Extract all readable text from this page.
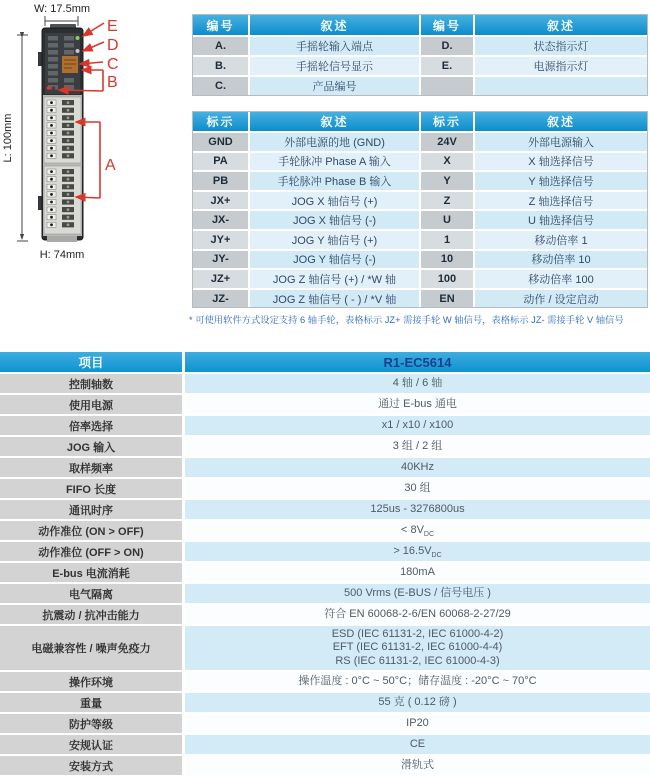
W: 17.5mm
L: 100mm
H: 74mm
E
D
C
B
A
编号	叙述	编号	叙述
A.	手摇轮输入端点	D.	状态指示灯
B.	手摇轮信号显示	E.	电源指示灯
C.	产品编号
标示	叙述	标示	叙述
GND	外部电源的地 (GND)	24V	外部电源输入
PA	手轮脉冲 Phase A 输入	X	X 轴选择信号
PB	手轮脉冲 Phase B 输入	Y	Y 轴选择信号
JX+	JOG X 轴信号 (+)	Z	Z 轴选择信号
JX-	JOG X 轴信号 (-)	U	U 轴选择信号
JY+	JOG Y 轴信号 (+)	1	移动倍率 1
JY-	JOG Y 轴信号 (-)	10	移动倍率 10
JZ+	JOG Z 轴信号 (+) / *W 轴	100	移动倍率 100
JZ-	JOG Z 轴信号 ( - ) / *V 轴	EN	动作 / 设定启动
* 可使用软件方式设定支持 6 轴手轮，表格标示 JZ+ 需接手轮 W 轴信号，表格标示 JZ- 需接手轮 V 轴信号
项目	R1-EC5614
控制轴数	4 轴 / 6 轴
使用电源	通过 E-bus 通电
倍率选择	x1 / x10 / x100
JOG 输入	3 组 / 2 组
取样频率	40KHz
FIFO 长度	30 组
通讯时序	125us - 3276800us
动作准位 (ON > OFF)	< $8V_{DC}$
动作准位 (OFF > ON)	> $16.5V_{DC}$
E-bus 电流消耗	180mA
电气隔离	500 Vrms (E-BUS / 信号电压 )
抗震动 / 抗冲击能力	符合 EN 60068-2-6/EN 60068-2-27/29
电磁兼容性 / 噪声免疫力
ESD (IEC 61131-2, IEC 61000-4-2)
EFT (IEC 61131-2, IEC 61000-4-4)
RS (IEC 61131-2, IEC 61000-4-3)
操作环境	操作温度 : 0°C ~ 50°C；储存温度 : -20°C ~ 70°C
重量	55 克 ( 0.12 磅 )
防护等级	IP20
安规认证	CE
安装方式	滑轨式
